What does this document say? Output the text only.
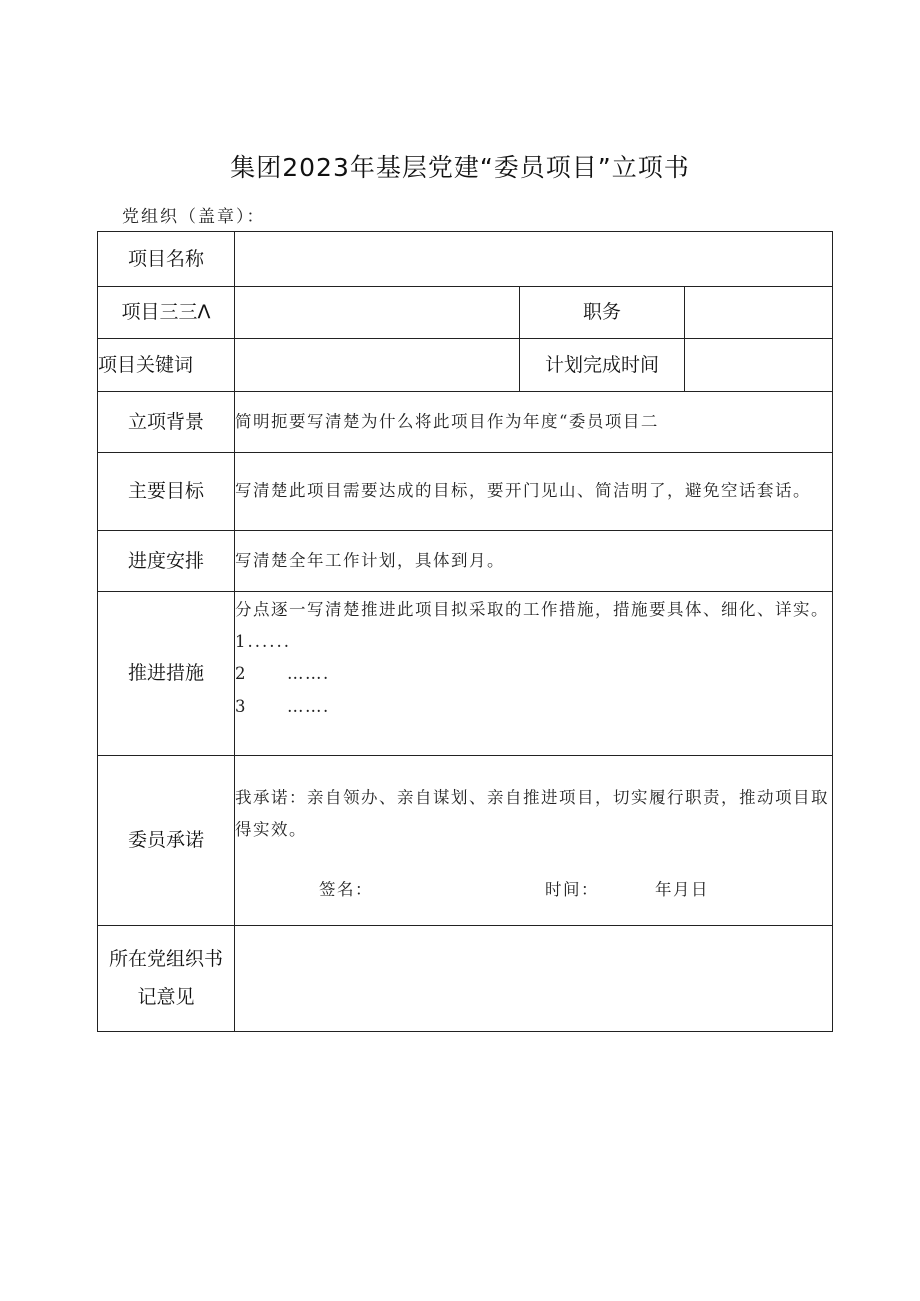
集团2023年基层党建“委员项目”立项书
党组织（盖章）：
项目名称			
项目三三Λ		职务	
项目关键词		计划完成时间	
立项背景	简明扼要写清楚为什么将此项目作为年度“委员项目二		
主要目标	写清楚此项目需要达成的目标，要开门见山、简洁明了，避免空话套话。		
进度安排	写清楚全年工作计划，具体到月。		
推进措施	分点逐一写清楚推进此项目拟采取的工作措施，措施要具体、细化、详实。
1......
2 …….
3 …….		

委员承诺	我承诺：亲自领办、亲自谋划、亲自推进项目，切实履行职责，推动项目取得实效。
签名： 时间： 年月日		

所在党组织书
记意见			
